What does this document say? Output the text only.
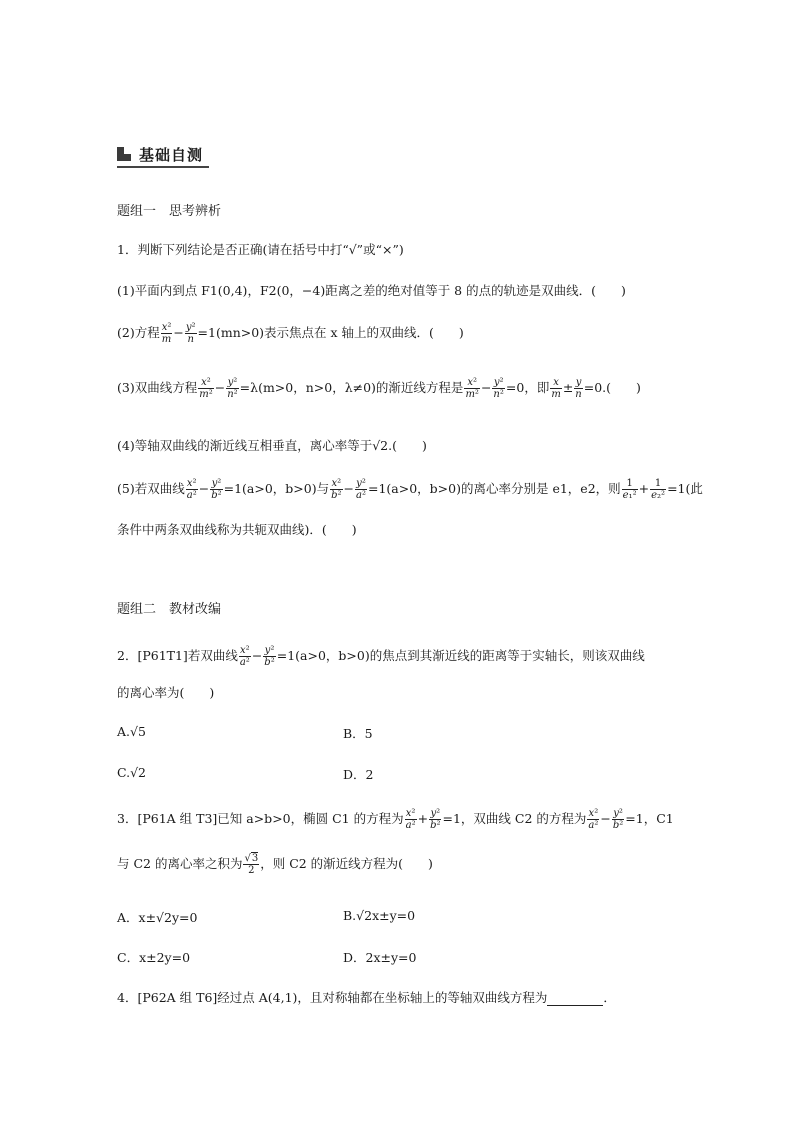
基础自测
题组一　思考辨析
1．判断下列结论是否正确(请在括号中打“√”或“×”)
(1)平面内到点 F1(0,4)，F2(0，−4)距离之差的绝对值等于 8 的点的轨迹是双曲线．(　　)
(2)方程 $\frac{\text{x²}}{m} - \frac{\text{y²}}{n} =1(mn>0)$表示焦点在 x 轴上的双曲线．(　　)
(3)双曲线方程 $\frac{\text{x²}}{\text{m²}} - \frac{\text{y²}}{\text{n²}} =\lambda(m>0$，n>0，λ≠0)的渐近线方程是 $\frac{\text{x²}}{\text{m²}} - \frac{\text{y²}}{\text{n²}} =0$，即 $\frac{x}{m} \pm \frac{y}{n} =0$.(　　)
(4)等轴双曲线的渐近线互相垂直，离心率等于√2.(　　)
(5)若双曲线 $\frac{\text{x²}}{\text{a²}} - \frac{\text{y²}}{\text{b²}} =1(a>0$，b>0)与 $\frac{\text{x²}}{\text{b²}} - \frac{\text{y²}}{\text{a²}} =1(a>0$，b>0)的离心率分别是 e1，e2，则 $\frac{1}{\text{e₁²}} + \frac{1}{\text{e₂²}} =1$(此
条件中两条双曲线称为共轭双曲线)．(　　)
题组二　教材改编
2．[P61T1]若双曲线 $\frac{\text{x²}}{\text{a²}} - \frac{\text{y²}}{\text{b²}} =1(a>0$，b>0)的焦点到其渐近线的距离等于实轴长，则该双曲线
的离心率为(　　)
A.√5	B．5
C.√2	D．2
3．[P61A 组 T3]已知 a>b>0，椭圆 C1 的方程为 $\frac{\text{x²}}{\text{a²}} + \frac{\text{y²}}{\text{b²}} =1$，双曲线 C2 的方程为 $\frac{\text{x²}}{\text{a²}} - \frac{\text{y²}}{\text{b²}} =1$，C1
与 C2 的离心率之积为 $\frac{√3}{2}$ ，则 C2 的渐近线方程为(　　)
A．x±√2y=0	B.√2x±y=0
C．x±2y=0	D．2x±y=0
4．[P62A 组 T6]经过点 A(4,1)，且对称轴都在坐标轴上的等轴双曲线方程为	．
